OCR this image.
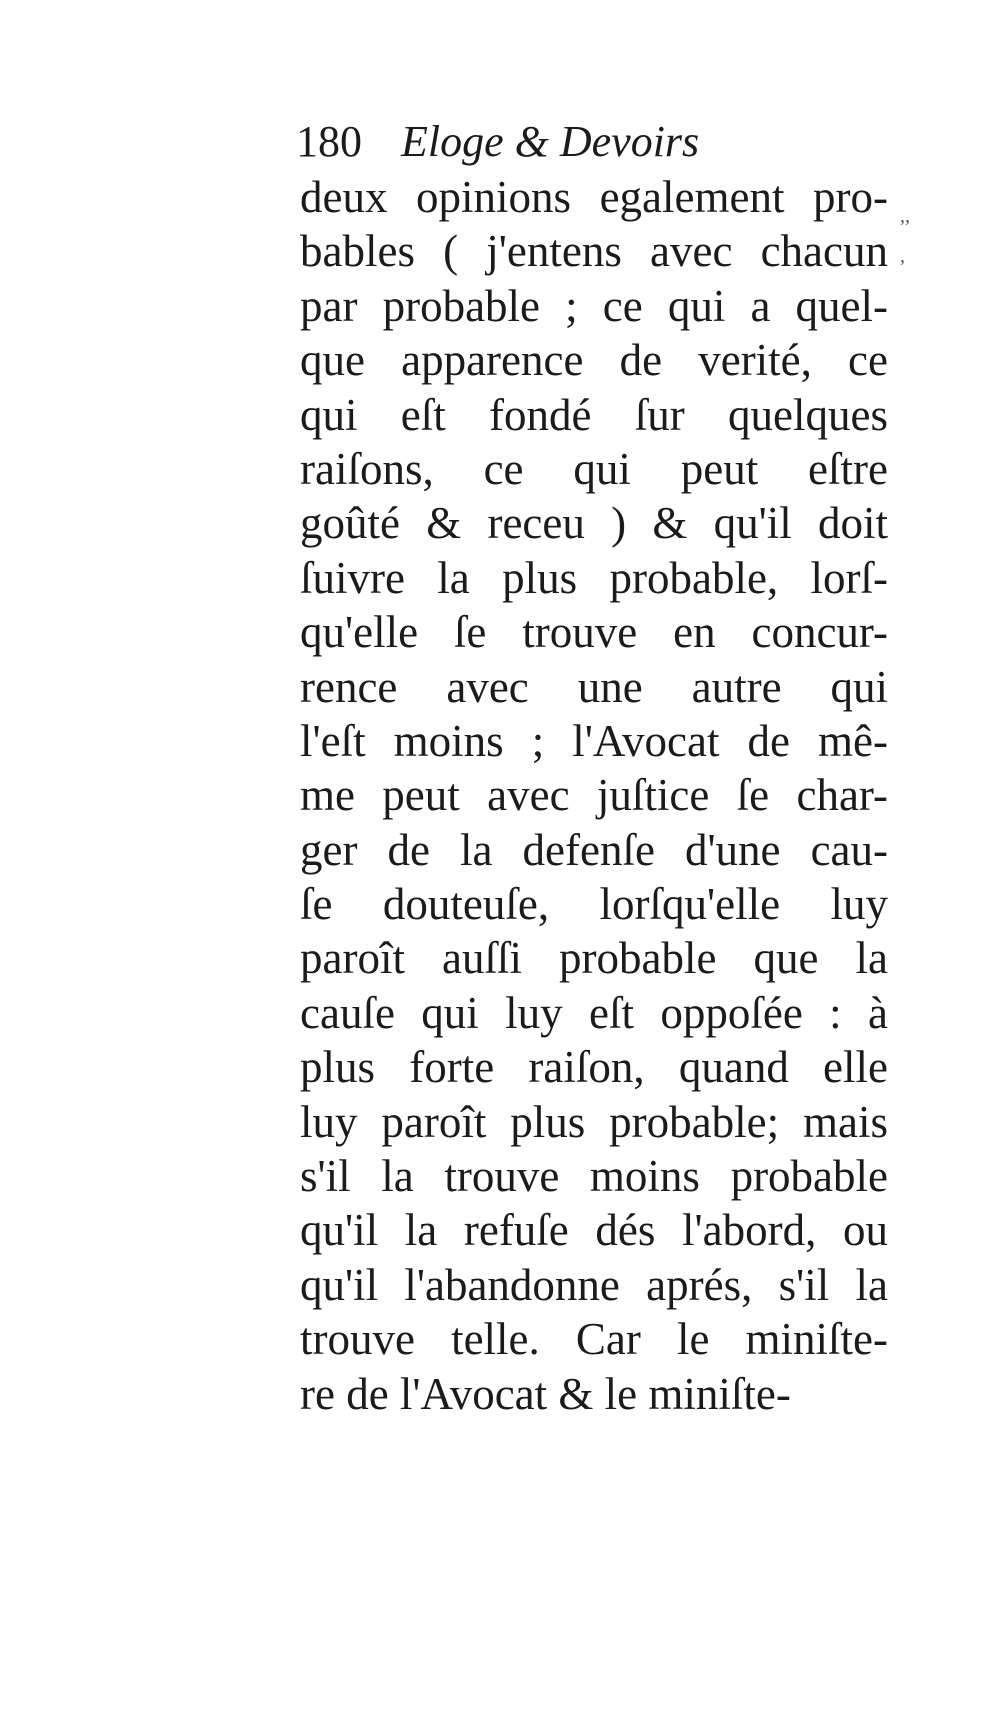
180 Eloge & Devoirs
deux opinions egalement pro-
bables ( j'entens avec chacun
par probable ; ce qui a quel-
que apparence de verité, ce
qui eſt fondé ſur quelques
raiſons, ce qui peut eſtre
goûté & receu ) & qu'il doit
ſuivre la plus probable, lorſ-
qu'elle ſe trouve en concur-
rence avec une autre qui
l'eſt moins ; l'Avocat de mê-
me peut avec juſtice ſe char-
ger de la defenſe d'une cau-
ſe douteuſe, lorſqu'elle luy
paroît auſſi probable que la
cauſe qui luy eſt oppoſée : à
plus forte raiſon, quand elle
luy paroît plus probable; mais
s'il la trouve moins probable
qu'il la refuſe dés l'abord, ou
qu'il l'abandonne aprés, s'il la
trouve telle. Car le miniſte-
re de l'Avocat & le miniſte-
,,
,
